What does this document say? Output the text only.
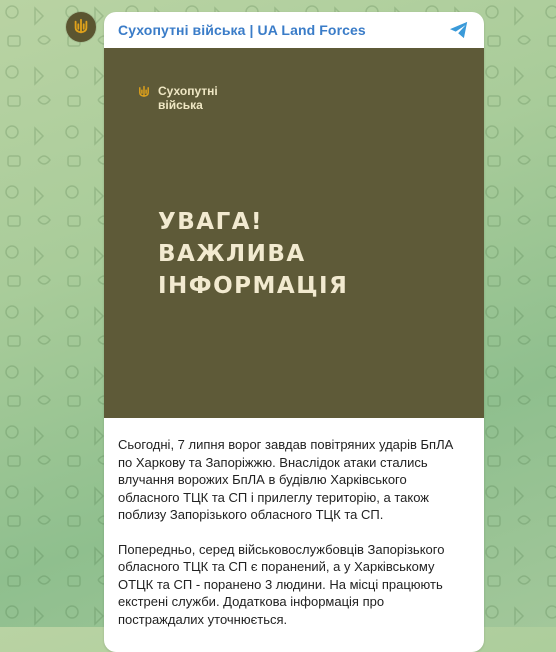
Сухопутні війська | UA Land Forces
Сухопутні
війська
УВАГА!
ВАЖЛИВА
ІНФОРМАЦІЯ

Сьогодні, 7 липня ворог завдав повітряних ударів БпЛА по Харкову та Запоріжжю. Внаслідок атаки стались влучання ворожих БпЛА в будівлю Харківського обласного ТЦК та СП і прилеглу територію, а також поблизу Запорізького обласного ТЦК та СП.

Попередньо, серед військовослужбовців Запорізького обласного ТЦК та СП є поранений, а у Харківському ОТЦК та СП - поранено 3 людини. На місці працюють екстрені служби. Додаткова інформація про постраждалих уточнюється.
